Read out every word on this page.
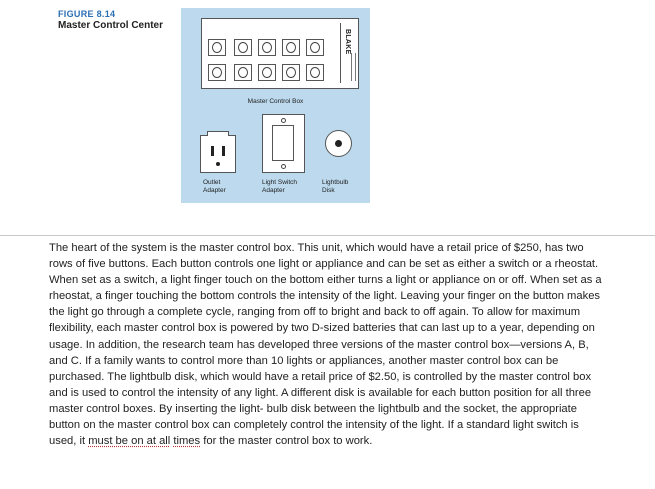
FIGURE 8.14
Master Control Center
BLAKE
Master Control Box
Outlet
Adapter
Light Switch
Adapter
Lightbulb
Disk
The heart of the system is the master control box. This unit, which would have a retail price of $250, has two rows of five buttons. Each button controls one light or appliance and can be set as either a switch or a rheostat. When set as a switch, a light finger touch on the bottom either turns a light or appliance on or off. When set as a rheostat, a finger touching the bottom controls the intensity of the light. Leaving your finger on the button makes the light go through a complete cycle, ranging from off to bright and back to off again. To allow for maximum flexibility, each master control box is powered by two D-sized batteries that can last up to a year, depending on usage. In addition, the research team has developed three versions of the master control box—versions A, B, and C. If a family wants to control more than 10 lights or appliances, another master control box can be purchased. The lightbulb disk, which would have a retail price of $2.50, is controlled by the master control box and is used to control the intensity of any light. A different disk is available for each button position for all three master control boxes. By inserting the light- bulb disk between the lightbulb and the socket, the appropriate button on the master control box can completely control the intensity of the light. If a standard light switch is used, it must be on at all times for the master control box to work.
